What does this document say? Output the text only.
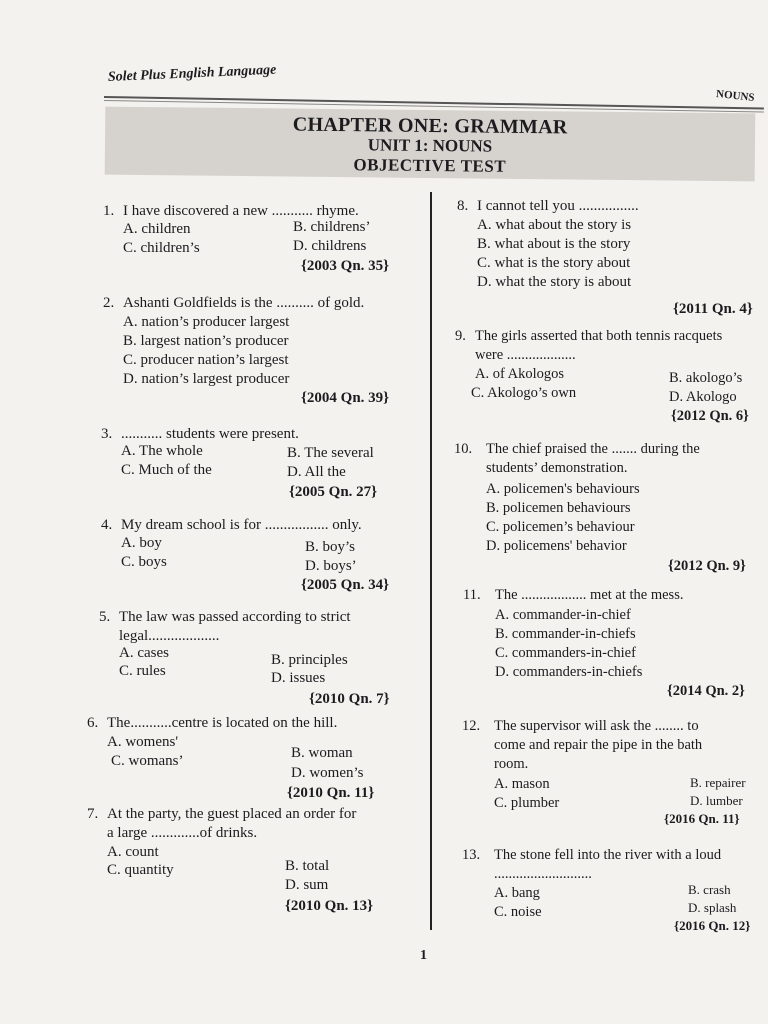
Solet Plus English Language
NOUNS
CHAPTER ONE: GRAMMAR
UNIT 1: NOUNS
OBJECTIVE TEST
1. I have discovered a new ........... rhyme.
A. children	B. childrens’
C. children’s	D. childrens
{2003 Qn. 35}
2. Ashanti Goldfields is the .......... of gold.
A. nation’s producer largest
B. largest nation’s producer
C. producer nation’s largest
D. nation’s largest producer
{2004 Qn. 39}
3. ........... students were present.
A. The whole	B. The several
C. Much of the	D. All the
{2005 Qn. 27}
4. My dream school is for ................. only.
A. boy	B. boy’s
C. boys	D. boys’
{2005 Qn. 34}
5. The law was passed according to strict
legal...................
A. cases	B. principles
C. rules	D. issues
{2010 Qn. 7}
6. The...........centre is located on the hill.
A. womens'
B. woman
C. womans’
D. women’s
{2010 Qn. 11}
7. At the party, the guest placed an order for
a large .............of drinks.
A. count
B. total
C. quantity
D. sum
{2010 Qn. 13}
8. I cannot tell you ................
A. what about the story is
B. what about is the story
C. what is the story about
D. what the story is about
{2011 Qn. 4}
9. The girls asserted that both tennis racquets
were ...................
A. of Akologos	B. akologo’s
C. Akologo’s own	D. Akologo
{2012 Qn. 6}
10. The chief praised the ....... during the
students’ demonstration.
A. policemen's behaviours
B. policemen behaviours
C. policemen’s behaviour
D. policemens' behavior
{2012 Qn. 9}
11. The .................. met at the mess.
A. commander-in-chief
B. commander-in-chiefs
C. commanders-in-chief
D. commanders-in-chiefs
{2014 Qn. 2}
12. The supervisor will ask the ........ to
come and repair the pipe in the bath
room.
A. mason	B. repairer
C. plumber	D. lumber
{2016 Qn. 11}
13. The stone fell into the river with a loud
...........................
A. bang	B. crash
C. noise	D. splash
{2016 Qn. 12}
1
